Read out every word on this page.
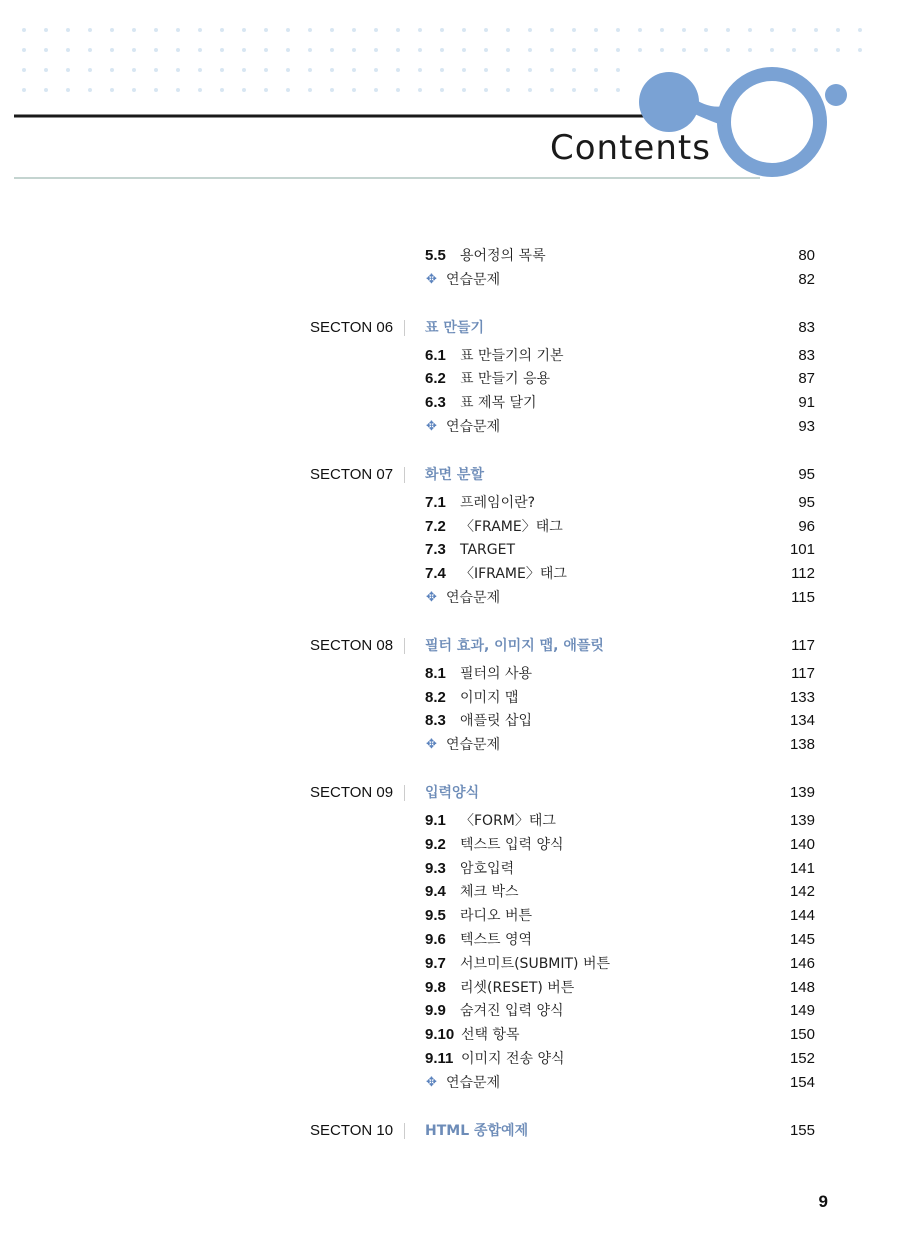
Contents
5.5 용어정의 목록	80
✥ 연습문제	82
SECTON 06	표 만들기	83
6.1 표 만들기의 기본	83
6.2 표 만들기 응용	87
6.3 표 제목 달기	91
✥ 연습문제	93
SECTON 07	화면 분할	95
7.1 프레임이란?	95
7.2 〈FRAME〉태그	96
7.3 TARGET	101
7.4 〈IFRAME〉태그	112
✥ 연습문제	115
SECTON 08	필터 효과, 이미지 맵, 애플릿	117
8.1 필터의 사용	117
8.2 이미지 맵	133
8.3 애플릿 삽입	134
✥ 연습문제	138
SECTON 09	입력양식	139
9.1 〈FORM〉태그	139
9.2 텍스트 입력 양식	140
9.3 암호입력	141
9.4 체크 박스	142
9.5 라디오 버튼	144
9.6 텍스트 영역	145
9.7 서브미트(SUBMIT) 버튼	146
9.8 리셋(RESET) 버튼	148
9.9 숨겨진 입력 양식	149
9.10 선택 항목	150
9.11 이미지 전송 양식	152
✥ 연습문제	154
SECTON 10	HTML 종합예제	155
9
